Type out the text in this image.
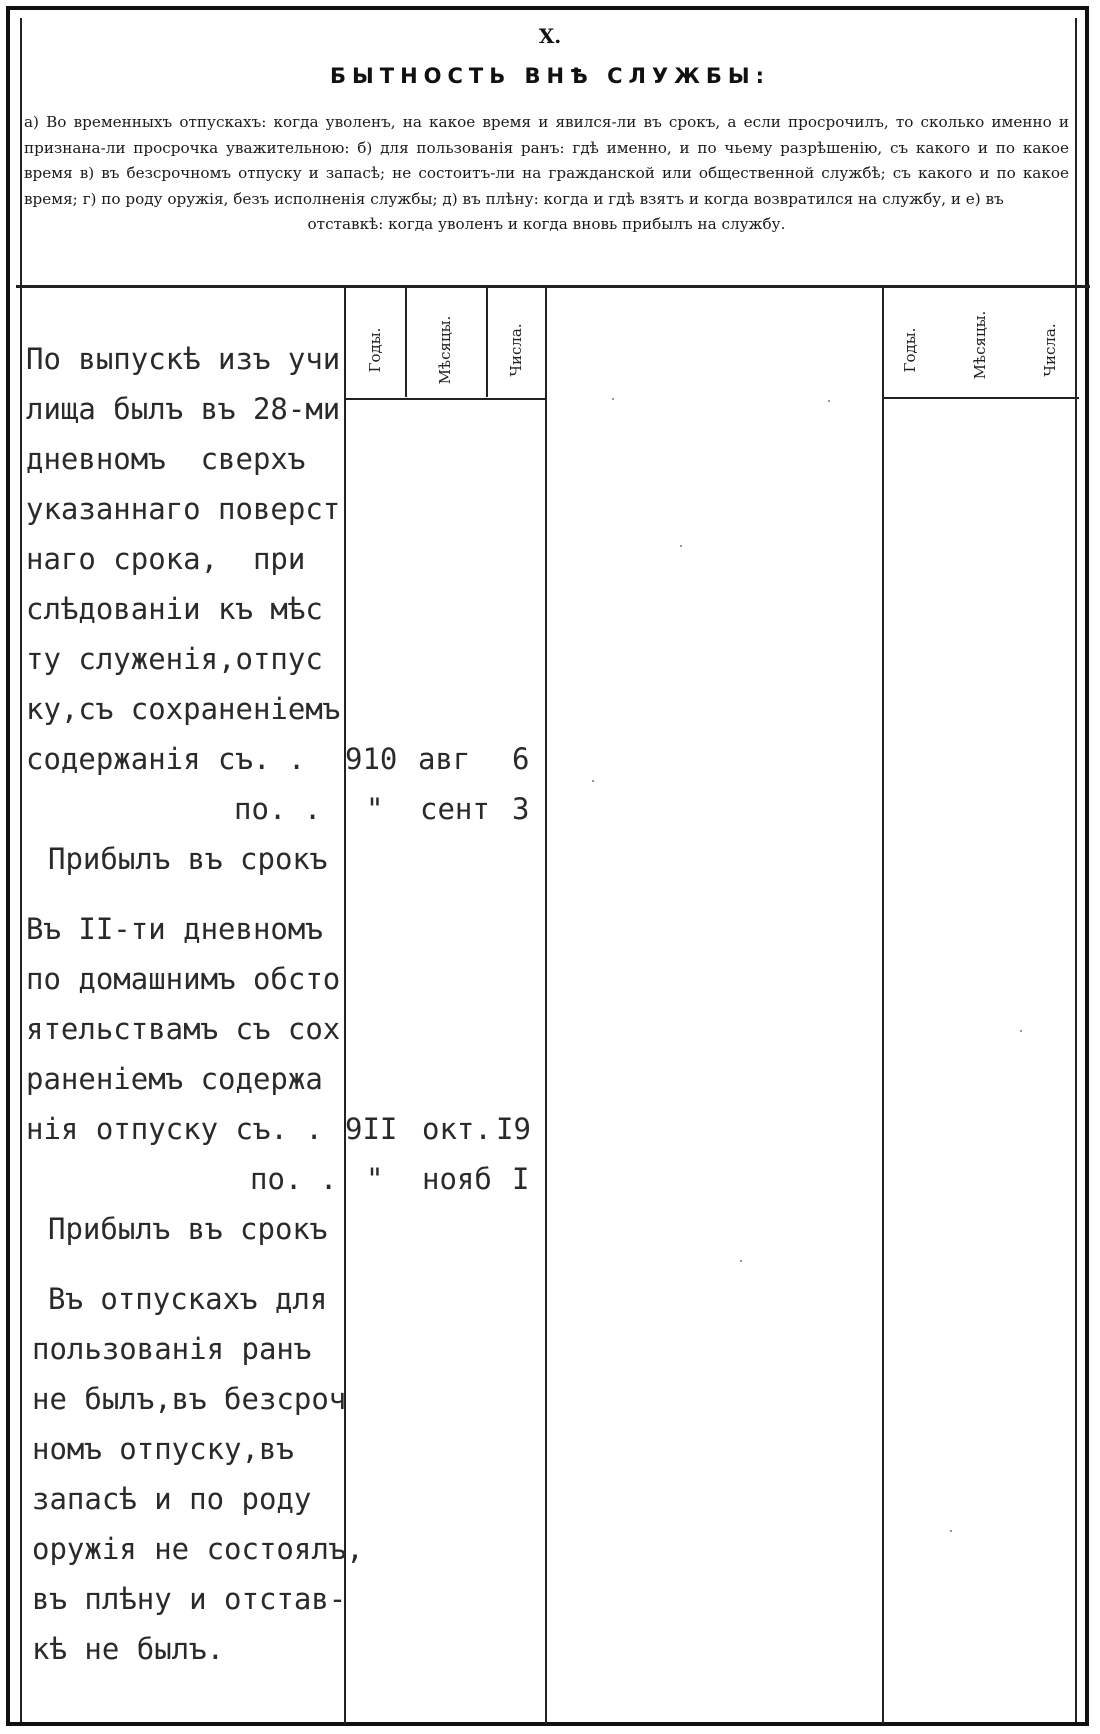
X.
БЫТНОСТЬ ВНѢ СЛУЖБЫ:
а) Во временныхъ отпускахъ: когда уволенъ, на какое время и явился-ли въ срокъ, а если просрочилъ, то сколько именно и признана-ли просрочка уважительною: б) для пользованія ранъ: гдѣ именно, и по чьему разрѣшенію, съ какого и по какое время в) въ безсрочномъ отпуску и запасѣ; не состоитъ-ли на гражданской или общественной службѣ; съ какого и по какое время; г) по роду оружія, безъ исполненія службы; д) въ плѣну: когда и гдѣ взятъ и когда возвратился на службу, и е) въ
отставкѣ: когда уволенъ и когда вновь прибылъ на службу.
Годы.	Мѣсяцы.	Числа.	Годы.	Мѣсяцы.	Числа.
По выпускѣ изъ учи
лища былъ въ 28-ми
дневномъ  сверхъ
указаннаго поверст
наго срока,  при
слѣдованіи къ мѣс
ту служенія,отпус
ку,съ сохраненіемъ
содержанія съ. .
по. .
Прибылъ въ срокъ
910 авг 6
" сент 3
Въ II-ти дневномъ
по домашнимъ обсто
ятельствамъ съ сох
раненіемъ содержа
нія отпуску съ. .
по. .
Прибылъ въ срокъ
9II окт. I9
" нояб I
Въ отпускахъ для
пользованія ранъ
не былъ,въ безсроч
номъ отпуску,въ
запасѣ и по роду
оружія не состоялъ,
въ плѣну и отстав-
кѣ не былъ.
